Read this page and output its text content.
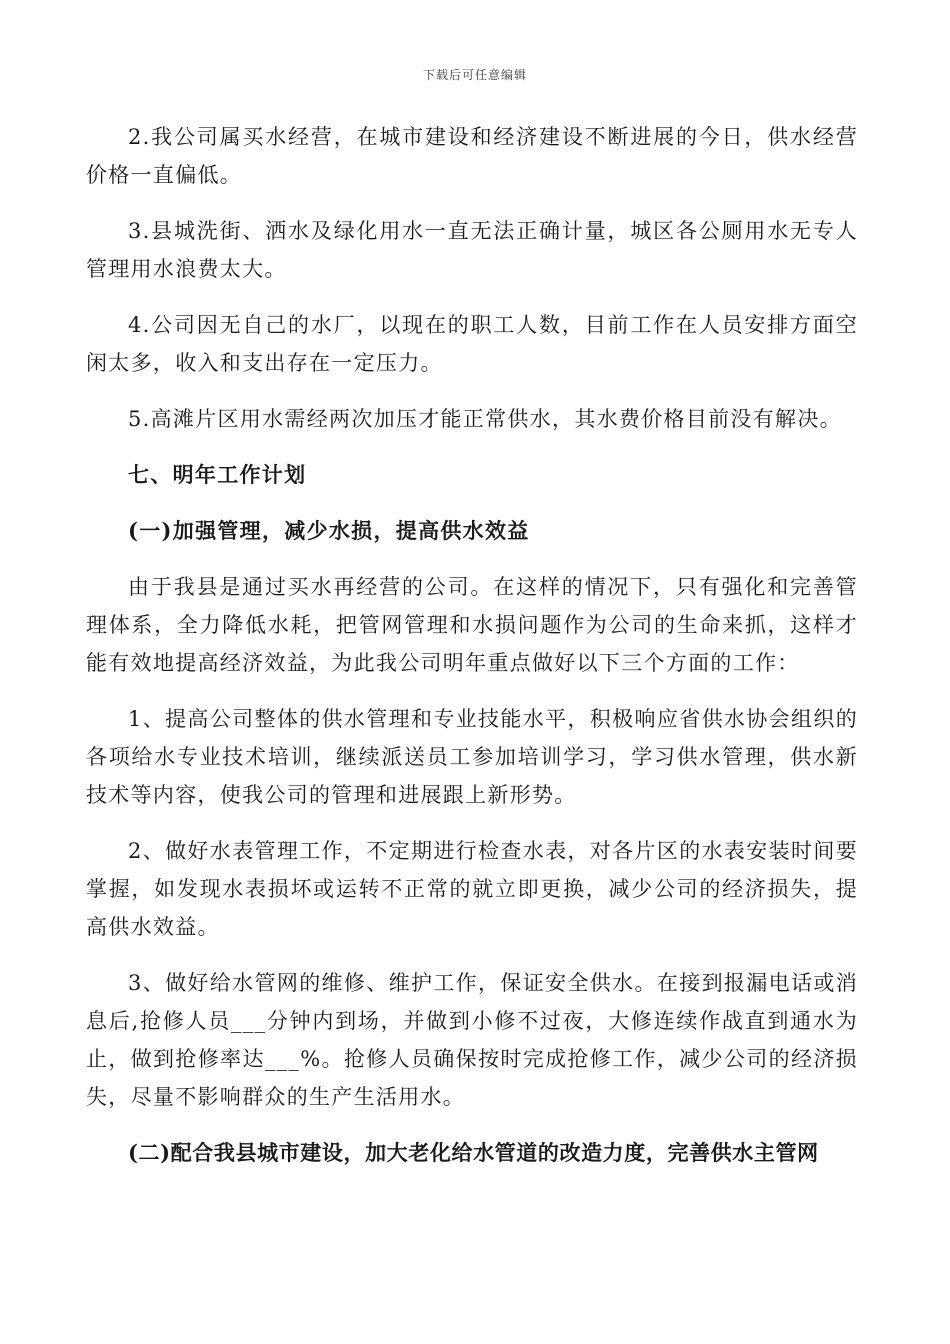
下载后可任意编辑

2.我公司属买水经营，在城市建设和经济建设不断进展的今日，供水经营价格一直偏低。

3.县城洗街、洒水及绿化用水一直无法正确计量，城区各公厕用水无专人管理用水浪费太大。

4.公司因无自己的水厂，以现在的职工人数，目前工作在人员安排方面空闲太多，收入和支出存在一定压力。

5.高滩片区用水需经两次加压才能正常供水，其水费价格目前没有解决。

七、明年工作计划

(一)加强管理，减少水损，提高供水效益

由于我县是通过买水再经营的公司。在这样的情况下，只有强化和完善管理体系，全力降低水耗，把管网管理和水损问题作为公司的生命来抓，这样才能有效地提高经济效益，为此我公司明年重点做好以下三个方面的工作：

1、提高公司整体的供水管理和专业技能水平，积极响应省供水协会组织的各项给水专业技术培训，继续派送员工参加培训学习，学习供水管理，供水新技术等内容，使我公司的管理和进展跟上新形势。

2、做好水表管理工作，不定期进行检查水表，对各片区的水表安装时间要掌握，如发现水表损坏或运转不正常的就立即更换，减少公司的经济损失，提高供水效益。

3、做好给水管网的维修、维护工作，保证安全供水。在接到报漏电话或消息后,抢修人员___分钟内到场，并做到小修不过夜，大修连续作战直到通水为止，做到抢修率达___%。抢修人员确保按时完成抢修工作，减少公司的经济损失，尽量不影响群众的生产生活用水。

(二)配合我县城市建设，加大老化给水管道的改造力度，完善供水主管网
